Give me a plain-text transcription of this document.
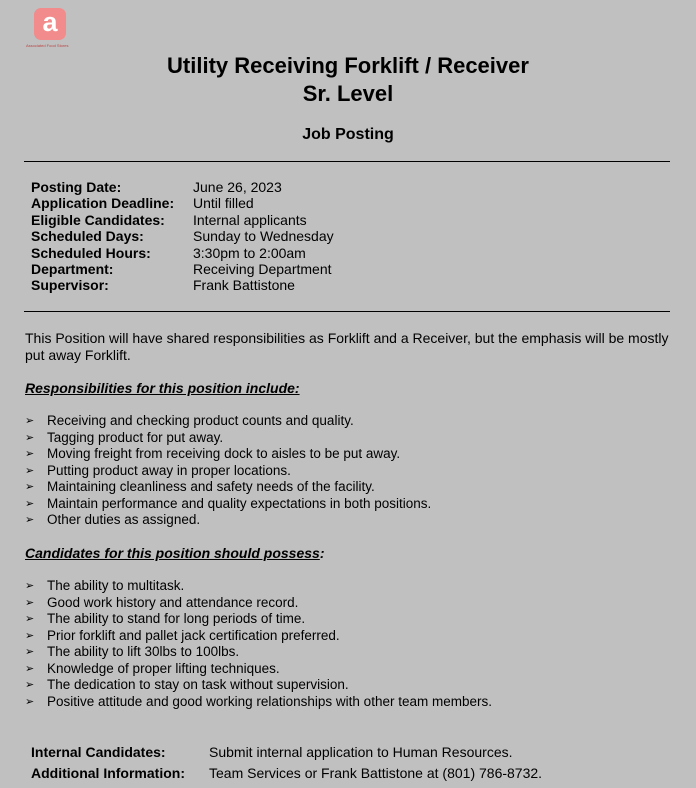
a
Associated Food Stores
Utility Receiving Forklift / Receiver
Sr. Level
Job Posting
Posting Date:	June 26, 2023
Application Deadline:	Until filled
Eligible Candidates:	Internal applicants
Scheduled Days:	Sunday to Wednesday
Scheduled Hours:	3:30pm to 2:00am
Department:	Receiving Department
Supervisor:	Frank Battistone
This Position will have shared responsibilities as Forklift and a Receiver, but the emphasis will be mostly put away Forklift.
Responsibilities for this position include:
➢ Receiving and checking product counts and quality.
➢ Tagging product for put away.
➢ Moving freight from receiving dock to aisles to be put away.
➢ Putting product away in proper locations.
➢ Maintaining cleanliness and safety needs of the facility.
➢ Maintain performance and quality expectations in both positions.
➢ Other duties as assigned.
Candidates for this position should possess:
➢ The ability to multitask.
➢ Good work history and attendance record.
➢ The ability to stand for long periods of time.
➢ Prior forklift and pallet jack certification preferred.
➢ The ability to lift 30lbs to 100lbs.
➢ Knowledge of proper lifting techniques.
➢ The dedication to stay on task without supervision.
➢ Positive attitude and good working relationships with other team members.
Internal Candidates:	Submit internal application to Human Resources.
Additional Information:	Team Services or Frank Battistone at (801) 786-8732.
